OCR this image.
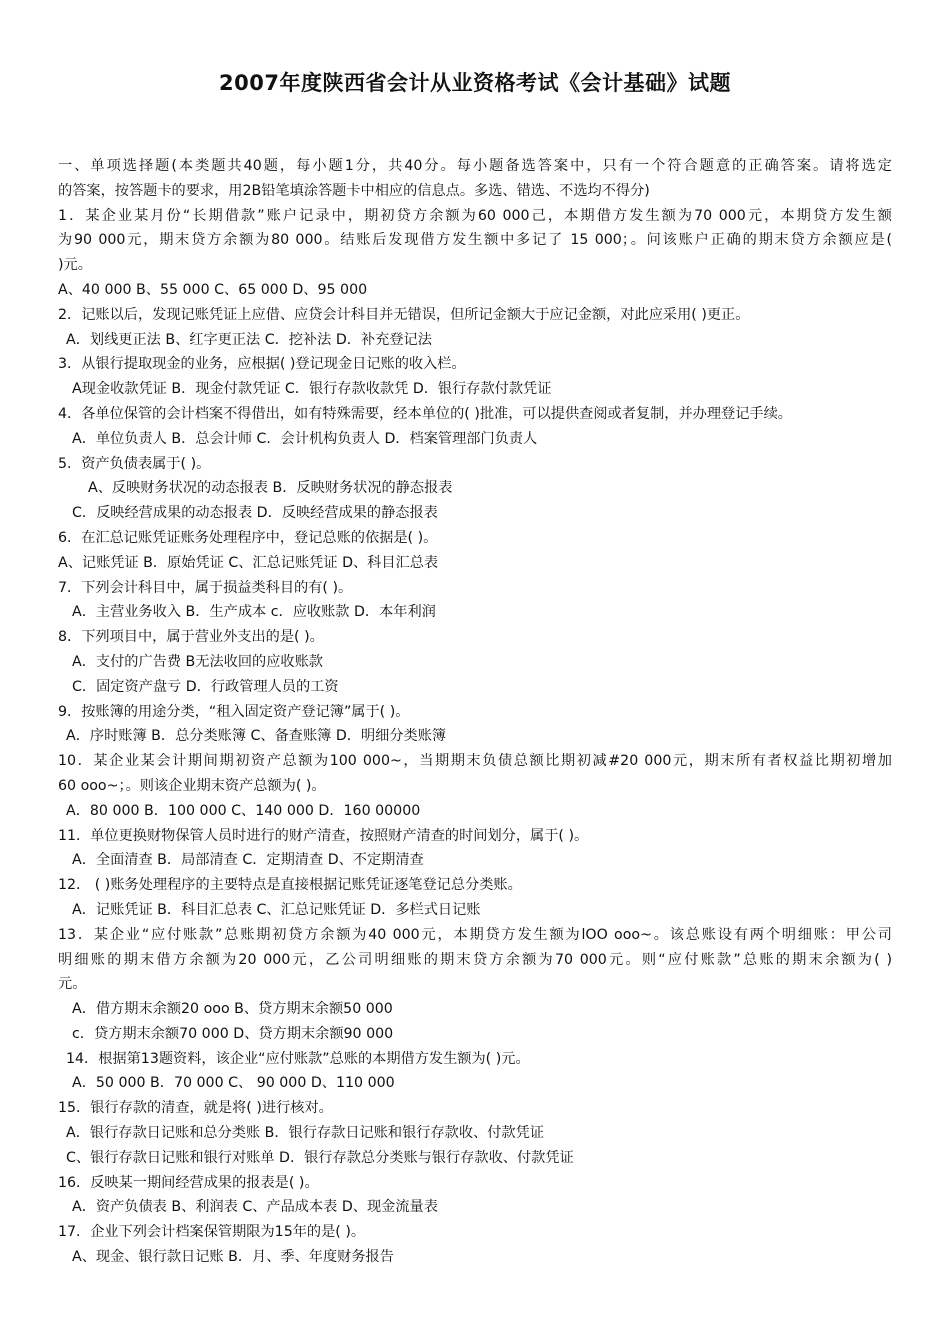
2007年度陕西省会计从业资格考试《会计基础》试题
一、单项选择题(本类题共40题，每小题1分，共40分。每小题备选答案中，只有一个符合题意的正确答案。请将选定
的答案，按答题卡的要求，用2B铅笔填涂答题卡中相应的信息点。多选、错选、不选均不得分)
1．某企业某月份“长期借款”账户记录中，期初贷方余额为60 000己，本期借方发生额为70 000元，本期贷方发生额
为90 000元，期末贷方余额为80 000。结账后发现借方发生额中多记了 15 000；。问该账户正确的期末贷方余额应是(
)元。
A、40 000 B、55 000 C、65 000 D、95 000
2．记账以后，发现记账凭证上应借、应贷会计科目并无错误，但所记金额大于应记金额，对此应采用( )更正。
A．划线更正法 B、红字更正法 C．挖补法 D．补充登记法
3．从银行提取现金的业务，应根据( )登记现金日记账的收入栏。
A现金收款凭证 B．现金付款凭证 C．银行存款收款凭 D．银行存款付款凭证
4．各单位保管的会计档案不得借出，如有特殊需要，经本单位的( )批准，可以提供查阅或者复制，并办理登记手续。
A．单位负责人 B．总会计师 C．会计机构负责人 D．档案管理部门负责人
5．资产负债表属于( )。
A、反映财务状况的动态报表 B．反映财务状况的静态报表
C．反映经营成果的动态报表 D．反映经营成果的静态报表
6．在汇总记账凭证账务处理程序中，登记总账的依据是( )。
A、记账凭证 B．原始凭证 C、汇总记账凭证 D、科目汇总表
7．下列会计科目中，属于损益类科目的有( )。
A．主营业务收入 B．生产成本 c．应收账款 D．本年利润
8．下列项目中，属于营业外支出的是( )。
A．支付的广告费 B无法收回的应收账款
C．固定资产盘亏 D．行政管理人员的工资
9．按账簿的用途分类，“租入固定资产登记簿”属于( )。
A．序时账簿 B．总分类账簿 C、备查账簿 D．明细分类账簿
10．某企业某会计期间期初资产总额为100 000~，当期期末负债总额比期初减#20 000元，期末所有者权益比期初增加
60 ooo~；。则该企业期末资产总额为( )。
A．80 000 B．100 000 C、140 000 D．160 00000
11．单位更换财物保管人员时进行的财产清查，按照财产清查的时间划分，属于( )。
A．全面清查 B．局部清查 C．定期清查 D、不定期清查
12． ( )账务处理程序的主要特点是直接根据记账凭证逐笔登记总分类账。
A．记账凭证 B．科目汇总表 C、汇总记账凭证 D．多栏式日记账
13．某企业“应付账款”总账期初贷方余额为40 000元，本期贷方发生额为lOO ooo~。该总账设有两个明细账：甲公司
明细账的期末借方余额为20 000元，乙公司明细账的期末贷方余额为70 000元。则“应付账款”总账的期末余额为( )
元。
A．借方期末余额20 ooo B、贷方期末余额50 000
c．贷方期末余额70 000 D、贷方期末余额90 000
14．根据第13题资料，该企业“应付账款”总账的本期借方发生额为( )元。
A．50 000 B．70 000 C、 90 000 D、110 000
15．银行存款的清查，就是将( )进行核对。
A．银行存款日记账和总分类账 B．银行存款日记账和银行存款收、付款凭证
C、银行存款日记账和银行对账单 D．银行存款总分类账与银行存款收、付款凭证
16．反映某一期间经营成果的报表是( )。
A．资产负债表 B、利润表 C、产品成本表 D、现金流量表
17．企业下列会计档案保管期限为15年的是( )。
A、现金、银行款日记账 B．月、季、年度财务报告
